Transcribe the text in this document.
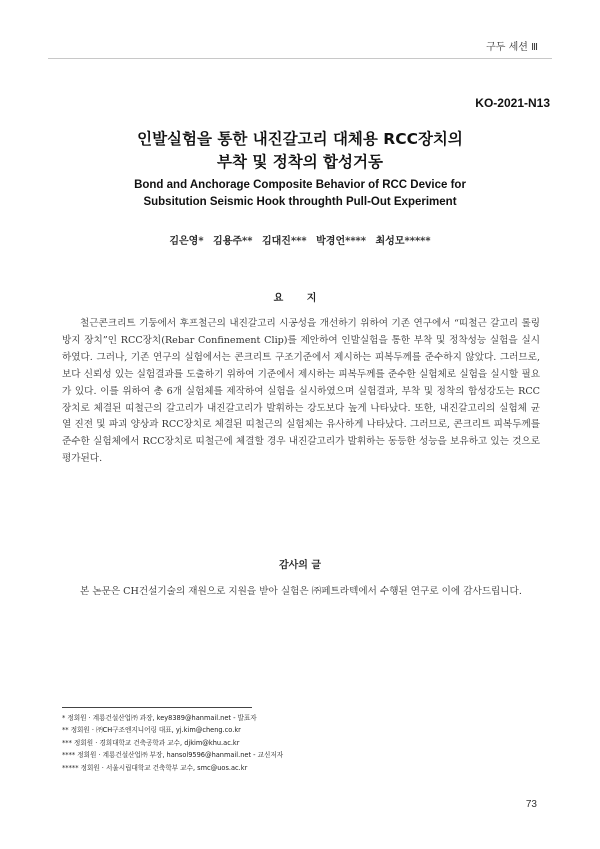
구두 세션 Ⅲ
KO-2021-N13
인발실험을 통한 내진갈고리 대체용 RCC장치의
부착 및 정착의 합성거동
Bond and Anchorage Composite Behavior of RCC Device for
Subsitution Seismic Hook throughth Pull-Out Experiment
김은영* 김용주** 김대진*** 박경언**** 최성모*****
요 지

철근콘크리트 기둥에서 후프철근의 내진갈고리 시공성을 개선하기 위하여 기존 연구에서 “띠철근 갈고리 롤링 방지 장치”인 RCC장치(Rebar Confinement Clip)를 제안하여 인발실험을 통한 부착 및 정착성능 실험을 실시하였다. 그러나, 기존 연구의 실험에서는 콘크리트 구조기준에서 제시하는 피복두께를 준수하지 않았다. 그러므로, 보다 신뢰성 있는 실험결과를 도출하기 위하여 기준에서 제시하는 피복두께를 준수한 실험체로 실험을 실시할 필요가 있다. 이를 위하여 총 6개 실험체를 제작하여 실험을 실시하였으며 실험결과, 부착 및 정착의 합성강도는 RCC장치로 체결된 띠철근의 갈고리가 내진갈고리가 발휘하는 강도보다 높게 나타났다. 또한, 내진갈고리의 실험체 균열 진전 및 파괴 양상과 RCC장치로 체결된 띠철근의 실험체는 유사하게 나타났다. 그러므로, 콘크리트 피복두께를 준수한 실험체에서 RCC장치로 띠철근에 체결할 경우 내진갈고리가 발휘하는 동등한 성능을 보유하고 있는 것으로 평가된다.

감사의 글

본 논문은 CH건설기술의 재원으로 지원을 받아 실험은 ㈜페트라텍에서 수행된 연구로 이에 감사드립니다.

* 정회원 · 계룡건설산업㈜ 과장, key8389@hanmail.net - 발표자
** 정회원 · ㈜CH구조엔지니어링 대표, yj.kim@cheng.co.kr
*** 정회원 · 경희대학교 건축공학과 교수, djkim@khu.ac.kr
**** 정회원 · 계룡건설산업㈜ 부장, hansol9596@hanmail.net - 교신저자
***** 정회원 · 서울시립대학교 건축학부 교수, smc@uos.ac.kr
73
